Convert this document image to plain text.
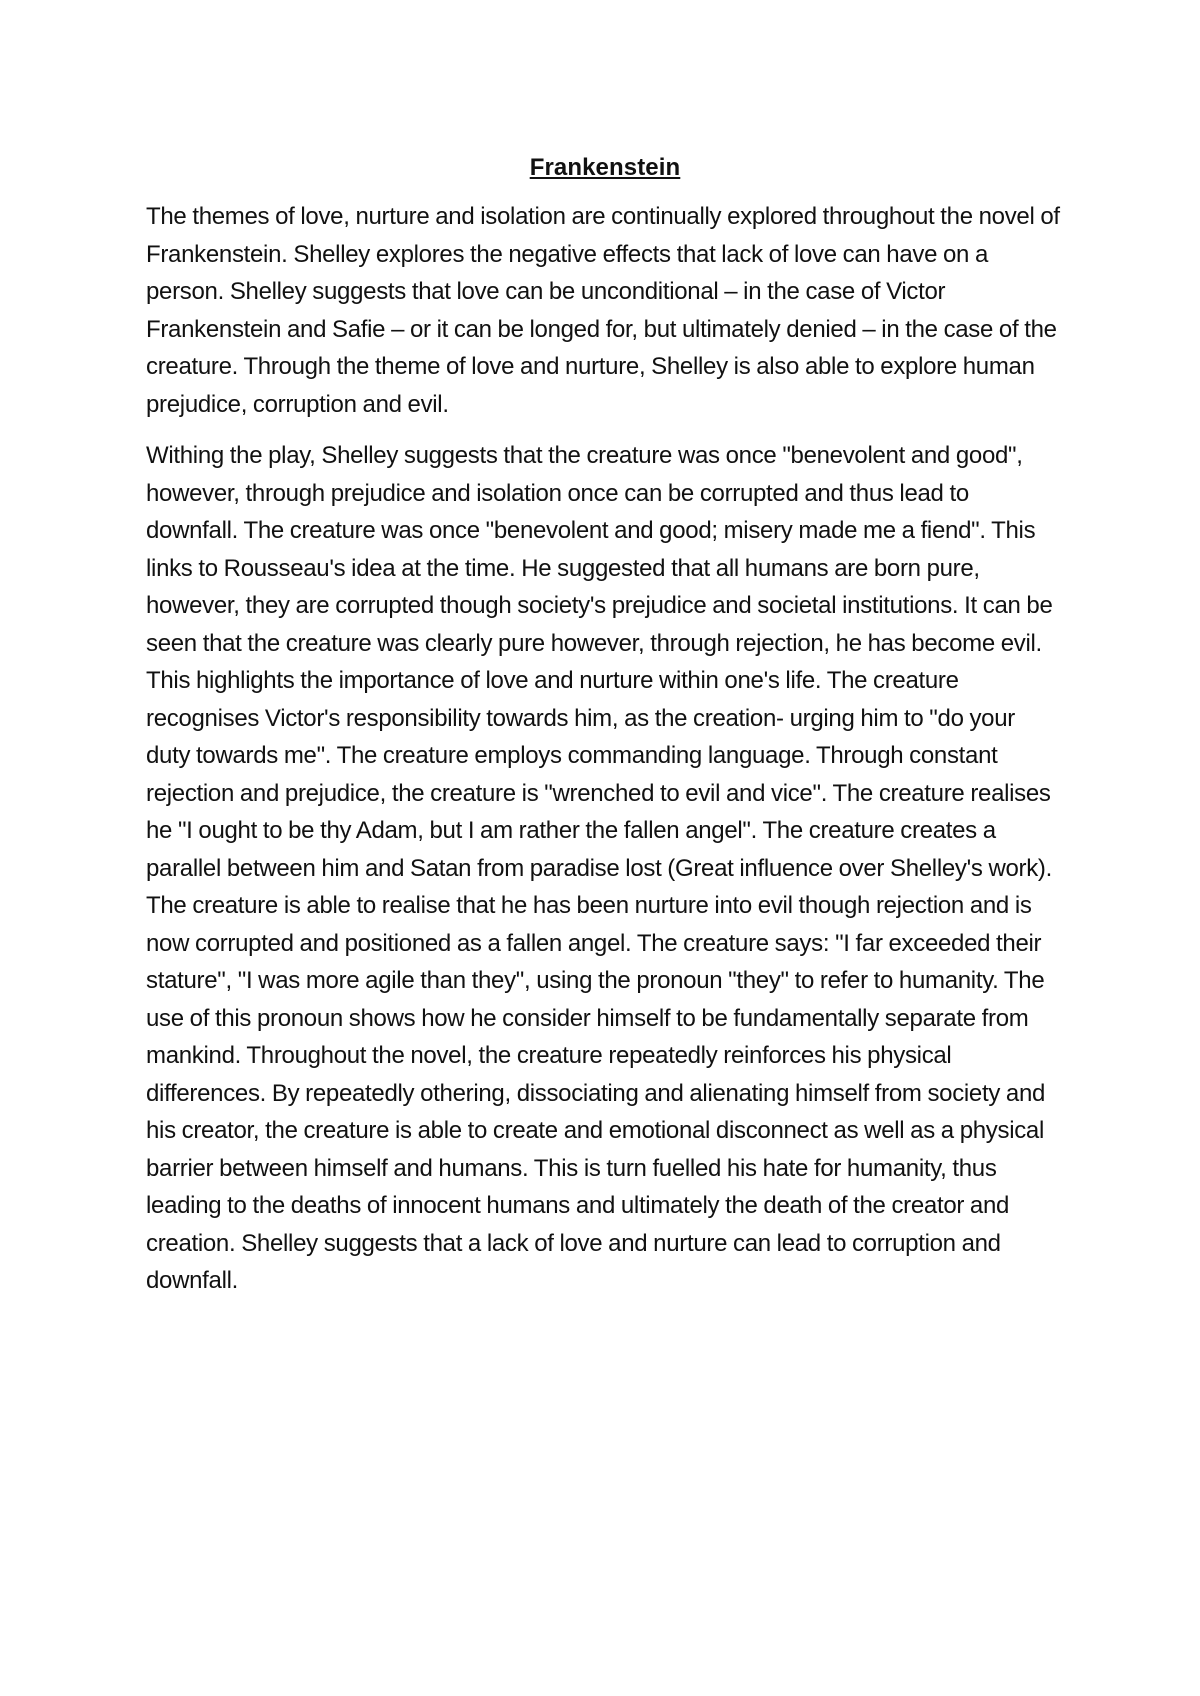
Frankenstein

The themes of love, nurture and isolation are continually explored throughout the novel of Frankenstein. Shelley explores the negative effects that lack of love can have on a person. Shelley suggests that love can be unconditional – in the case of Victor Frankenstein and Safie – or it can be longed for, but ultimately denied – in the case of the creature. Through the theme of love and nurture, Shelley is also able to explore human prejudice, corruption and evil.

Withing the play, Shelley suggests that the creature was once "benevolent and good", however, through prejudice and isolation once can be corrupted and thus lead to downfall. The creature was once "benevolent and good; misery made me a fiend". This links to Rousseau's idea at the time. He suggested that all humans are born pure, however, they are corrupted though society's prejudice and societal institutions. It can be seen that the creature was clearly pure however, through rejection, he has become evil. This highlights the importance of love and nurture within one's life. The creature recognises Victor's responsibility towards him, as the creation- urging him to "do your duty towards me". The creature employs commanding language. Through constant rejection and prejudice, the creature is "wrenched to evil and vice". The creature realises he "I ought to be thy Adam, but I am rather the fallen angel". The creature creates a parallel between him and Satan from paradise lost (Great influence over Shelley's work). The creature is able to realise that he has been nurture into evil though rejection and is now corrupted and positioned as a fallen angel. The creature says: "I far exceeded their stature", "I was more agile than they", using the pronoun "they" to refer to humanity. The use of this pronoun shows how he consider himself to be fundamentally separate from mankind. Throughout the novel, the creature repeatedly reinforces his physical differences. By repeatedly othering, dissociating and alienating himself from society and his creator, the creature is able to create and emotional disconnect as well as a physical barrier between himself and humans. This is turn fuelled his hate for humanity, thus leading to the deaths of innocent humans and ultimately the death of the creator and creation. Shelley suggests that a lack of love and nurture can lead to corruption and downfall.
